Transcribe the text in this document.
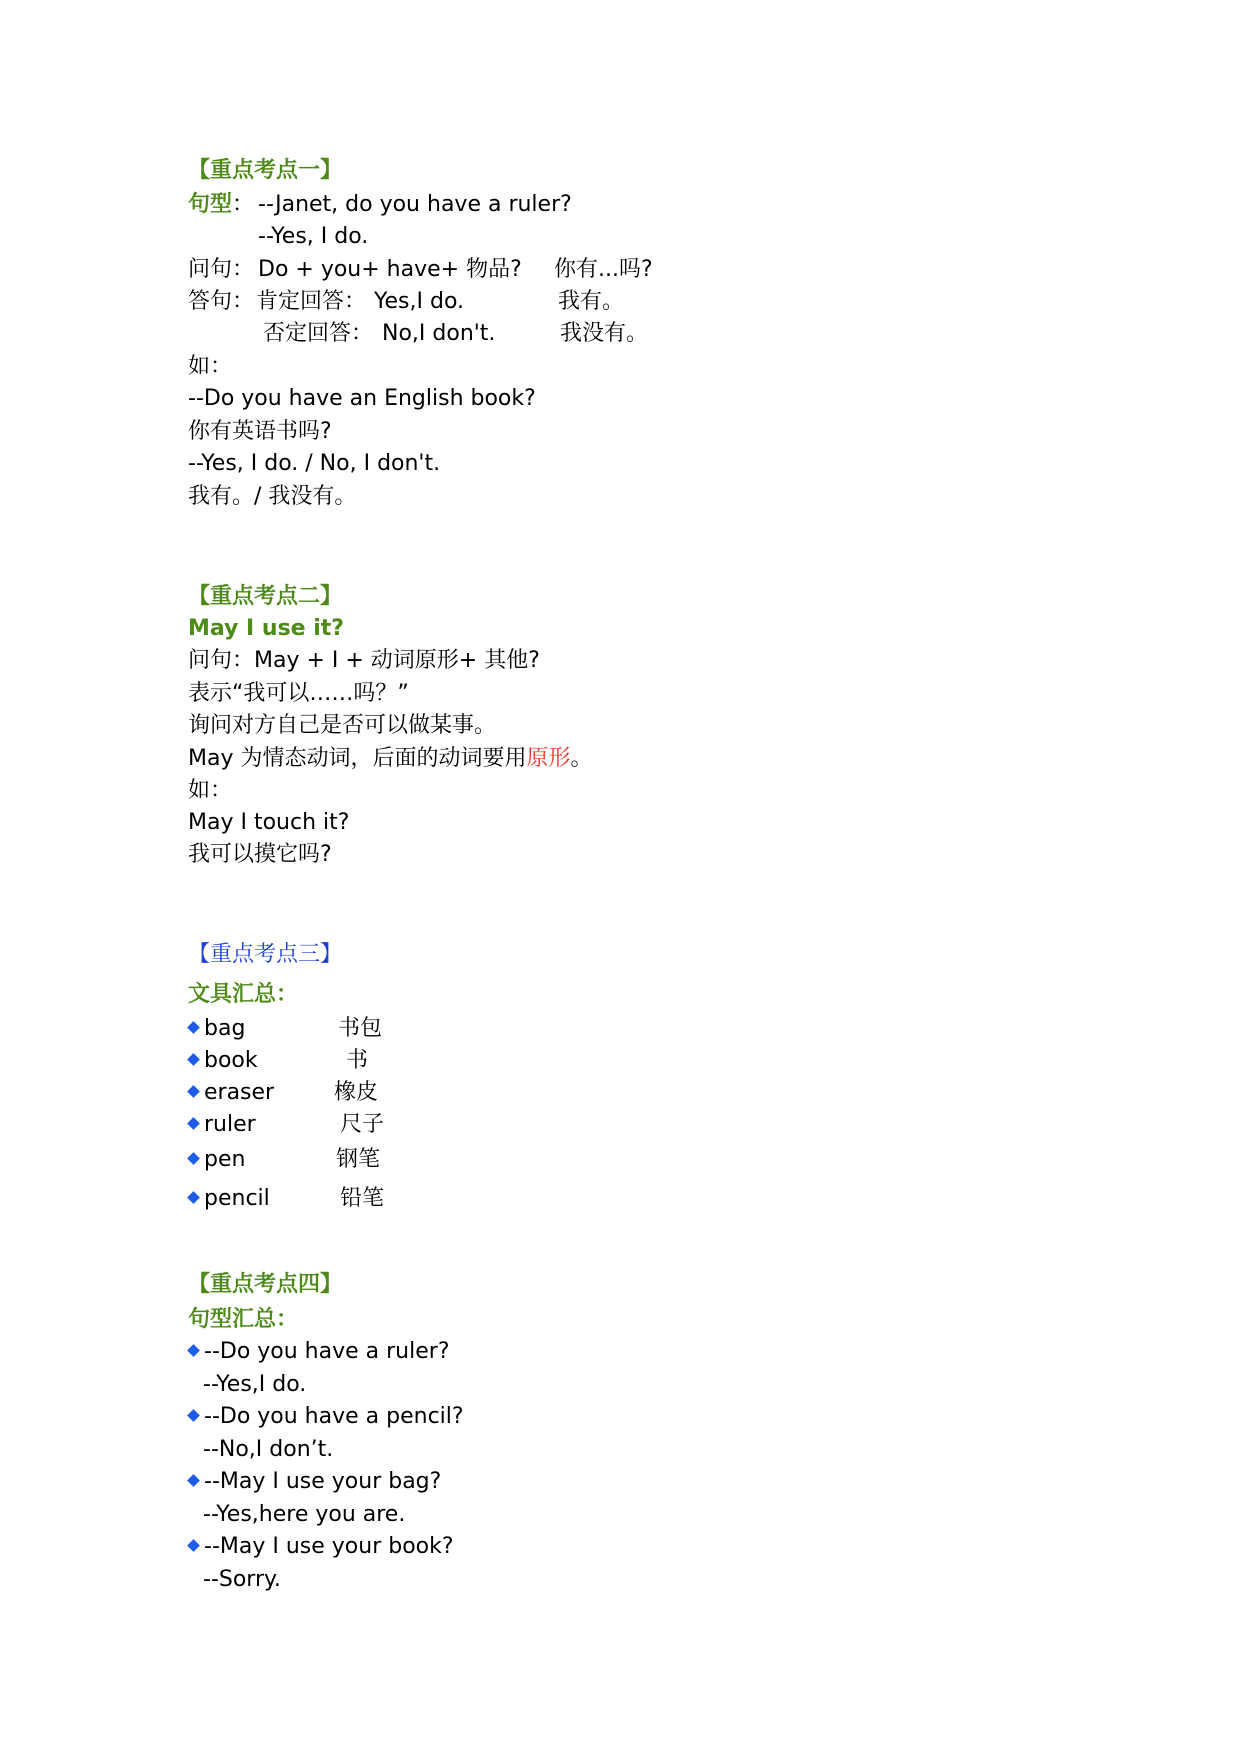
【重点考点一】
句型： --Janet, do you have a ruler?
--Yes, I do.
问句： Do + you+ have+ 物品? 你有...吗?
答句： 肯定回答： Yes,I do.	我有。
否定回答： No,I don't.	我没有。
如：
--Do you have an English book?
你有英语书吗?
--Yes, I do. / No, I don't.
我有。/ 我没有。
【重点考点二】
May I use it?
问句：May + I + 动词原形+ 其他?
表示“我可以……吗？”
询问对方自己是否可以做某事。
May 为情态动词，后面的动词要用原形。
如：
May I touch it?
我可以摸它吗?
【重点考点三】
文具汇总：
bag	书包
book	书
eraser	橡皮
ruler	尺子
pen	钢笔
pencil	铅笔
【重点考点四】
句型汇总：
--Do you have a ruler?
--Yes,I do.
--Do you have a pencil?
--No,I don’t.
--May I use your bag?
--Yes,here you are.
--May I use your book?
--Sorry.
